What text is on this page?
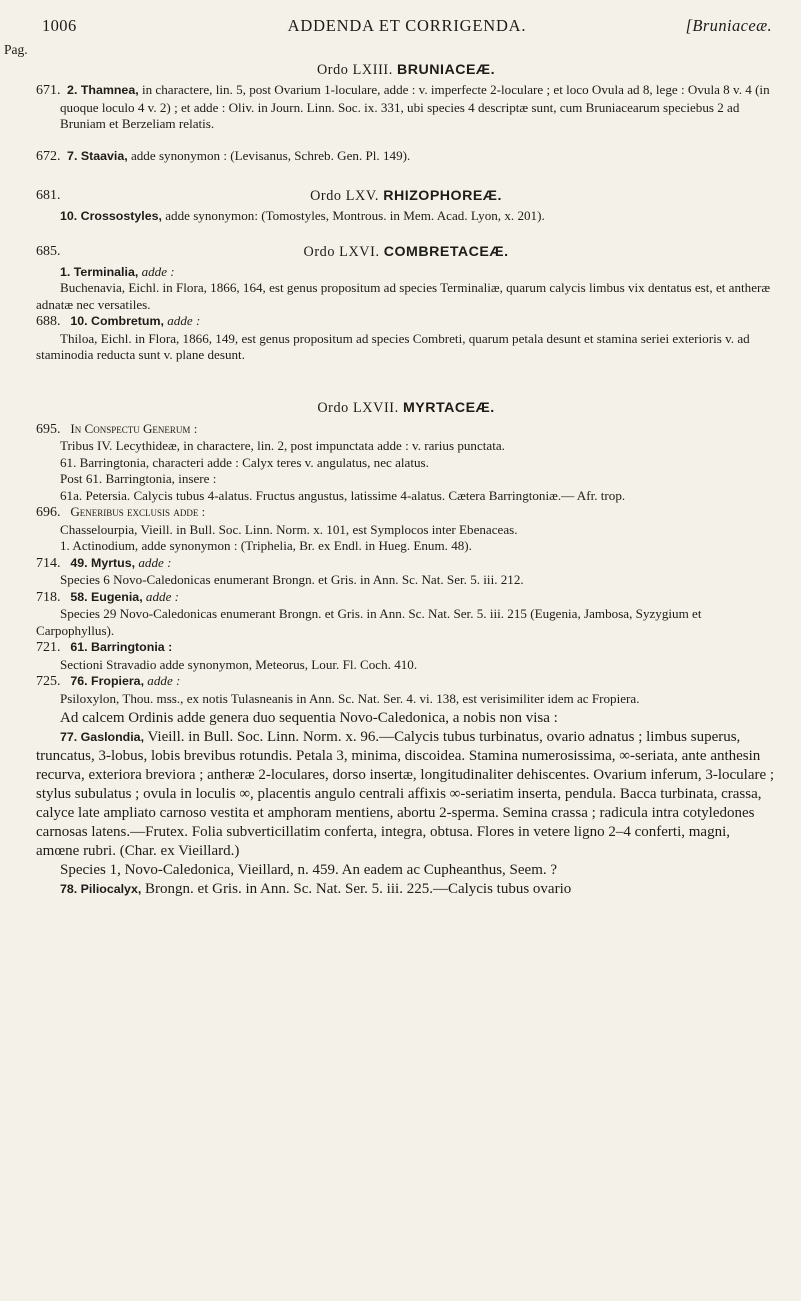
1006	ADDENDA ET CORRIGENDA.	[Bruniaceæ.
Pag.

Ordo LXIII. BRUNIACEÆ.

671. 2. Thamnea, in charactere, lin. 5, post Ovarium 1-loculare, adde : v. imperfecte 2-loculare ; et loco Ovula ad 8, lege : Ovula 8 v. 4 (in quoque loculo 4 v. 2) ; et adde : Oliv. in Journ. Linn. Soc. ix. 331, ubi species 4 descriptæ sunt, cum Bruniacearum speciebus 2 ad Bruniam et Berzeliam relatis.

672. 7. Staavia, adde synonymon : (Levisanus, Schreb. Gen. Pl. 149).

681.	Ordo LXV. RHIZOPHOREÆ.

10. Crossostyles, adde synonymon: (Tomostyles, Montrous. in Mem. Acad. Lyon, x. 201).

685.	Ordo LXVI. COMBRETACEÆ.

1. Terminalia, adde :

Buchenavia, Eichl. in Flora, 1866, 164, est genus propositum ad species Terminaliæ, quarum calycis limbus vix dentatus est, et antheræ adnatæ nec versatiles.

688. 10. Combretum, adde :

Thiloa, Eichl. in Flora, 1866, 149, est genus propositum ad species Combreti, quarum petala desunt et stamina seriei exterioris v. ad staminodia reducta sunt v. plane desunt.

Ordo LXVII. MYRTACEÆ.

695. In Conspectu Generum :

Tribus IV. Lecythideæ, in charactere, lin. 2, post impunctata adde : v. rarius punctata.

61. Barringtonia, characteri adde : Calyx teres v. angulatus, nec alatus.

Post 61. Barringtonia, insere :

61a. Petersia. Calycis tubus 4-alatus. Fructus angustus, latissime 4-alatus. Cætera Barringtoniæ.— Afr. trop.

696. Generibus exclusis adde :

Chasselourpia, Vieill. in Bull. Soc. Linn. Norm. x. 101, est Symplocos inter Ebenaceas.

1. Actinodium, adde synonymon : (Triphelia, Br. ex Endl. in Hueg. Enum. 48).

714. 49. Myrtus, adde :

Species 6 Novo-Caledonicas enumerant Brongn. et Gris. in Ann. Sc. Nat. Ser. 5. iii. 212.

718. 58. Eugenia, adde :

Species 29 Novo-Caledonicas enumerant Brongn. et Gris. in Ann. Sc. Nat. Ser. 5. iii. 215 (Eugenia, Jambosa, Syzygium et Carpophyllus).

721. 61. Barringtonia :

Sectioni Stravadio adde synonymon, Meteorus, Lour. Fl. Coch. 410.

725. 76. Fropiera, adde :

Psiloxylon, Thou. mss., ex notis Tulasneanis in Ann. Sc. Nat. Ser. 4. vi. 138, est verisimiliter idem ac Fropiera.

Ad calcem Ordinis adde genera duo sequentia Novo-Caledonica, a nobis non visa :

77. Gaslondia, Vieill. in Bull. Soc. Linn. Norm. x. 96.—Calycis tubus turbinatus, ovario adnatus ; limbus superus, truncatus, 3-lobus, lobis brevibus rotundis. Petala 3, minima, discoidea. Stamina numerosissima, ∞-seriata, ante anthesin recurva, exteriora breviora ; antheræ 2-loculares, dorso insertæ, longitudinaliter dehiscentes. Ovarium inferum, 3-loculare ; stylus subulatus ; ovula in loculis ∞, placentis angulo centrali affixis ∞-seriatim inserta, pendula. Bacca turbinata, crassa, calyce late ampliato carnoso vestita et amphoram mentiens, abortu 2-sperma. Semina crassa ; radicula intra cotyledones carnosas latens.—Frutex. Folia subverticillatim conferta, integra, obtusa. Flores in vetere ligno 2–4 conferti, magni, amœne rubri. (Char. ex Vieillard.)

Species 1, Novo-Caledonica, Vieillard, n. 459. An eadem ac Cupheanthus, Seem. ?

78. Piliocalyx, Brongn. et Gris. in Ann. Sc. Nat. Ser. 5. iii. 225.—Calycis tubus ovario
